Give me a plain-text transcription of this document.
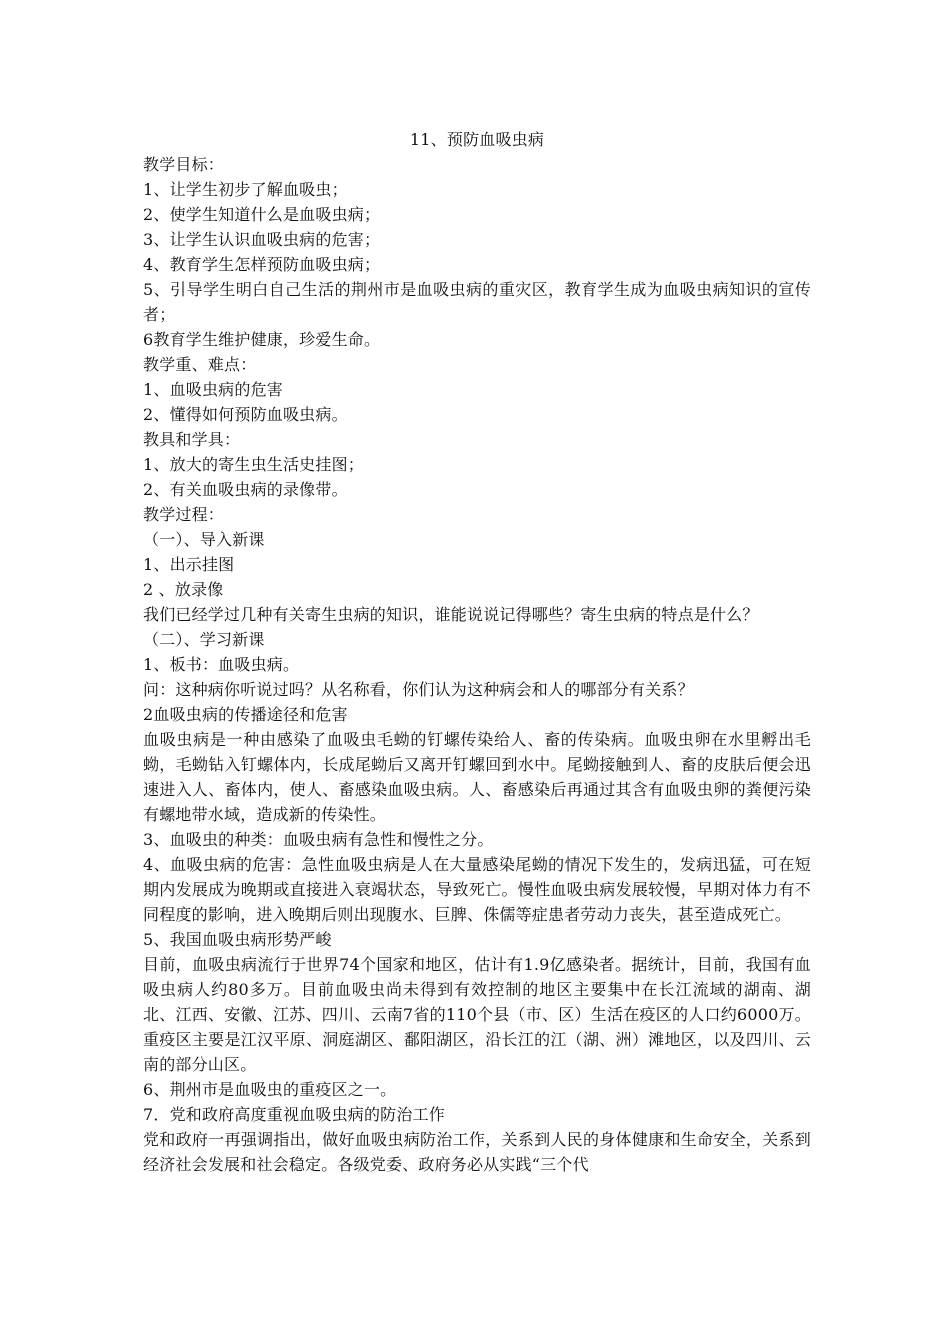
11、预防血吸虫病

教学目标：

1、让学生初步了解血吸虫；

2、使学生知道什么是血吸虫病；

3、让学生认识血吸虫病的危害；

4、教育学生怎样预防血吸虫病；

5、引导学生明白自己生活的荆州市是血吸虫病的重灾区，教育学生成为血吸虫病知识的宣传者；

6教育学生维护健康，珍爱生命。

教学重、难点：

1、血吸虫病的危害

2、懂得如何预防血吸虫病。

教具和学具：

1、放大的寄生虫生活史挂图；

2、有关血吸虫病的录像带。

教学过程：

（一）、导入新课

1、出示挂图

2 、放录像

我们已经学过几种有关寄生虫病的知识，谁能说说记得哪些？寄生虫病的特点是什么？

（二）、学习新课

1、板书：血吸虫病。

问：这种病你听说过吗？从名称看，你们认为这种病会和人的哪部分有关系？

2血吸虫病的传播途径和危害

血吸虫病是一种由感染了血吸虫毛蚴的钉螺传染给人、畜的传染病。血吸虫卵在水里孵出毛蚴，毛蚴钻入钉螺体内，长成尾蚴后又离开钉螺回到水中。尾蚴接触到人、畜的皮肤后便会迅速进入人、畜体内，使人、畜感染血吸虫病。人、畜感染后再通过其含有血吸虫卵的粪便污染有螺地带水域，造成新的传染性。

3、血吸虫的种类：血吸虫病有急性和慢性之分。

4、血吸虫病的危害：急性血吸虫病是人在大量感染尾蚴的情况下发生的，发病迅猛，可在短期内发展成为晚期或直接进入衰竭状态，导致死亡。慢性血吸虫病发展较慢，早期对体力有不同程度的影响，进入晚期后则出现腹水、巨脾、侏儒等症患者劳动力丧失，甚至造成死亡。

5、我国血吸虫病形势严峻

目前，血吸虫病流行于世界74个国家和地区，估计有1.9亿感染者。据统计，目前，我国有血吸虫病人约80多万。目前血吸虫尚未得到有效控制的地区主要集中在长江流域的湖南、湖北、江西、安徽、江苏、四川、云南7省的110个县（市、区）生活在疫区的人口约6000万。重疫区主要是江汉平原、洞庭湖区、鄱阳湖区，沿长江的江（湖、洲）滩地区，以及四川、云南的部分山区。

6、荆州市是血吸虫的重疫区之一。

7．党和政府高度重视血吸虫病的防治工作

党和政府一再强调指出，做好血吸虫病防治工作，关系到人民的身体健康和生命安全，关系到经济社会发展和社会稳定。各级党委、政府务必从实践“三个代
